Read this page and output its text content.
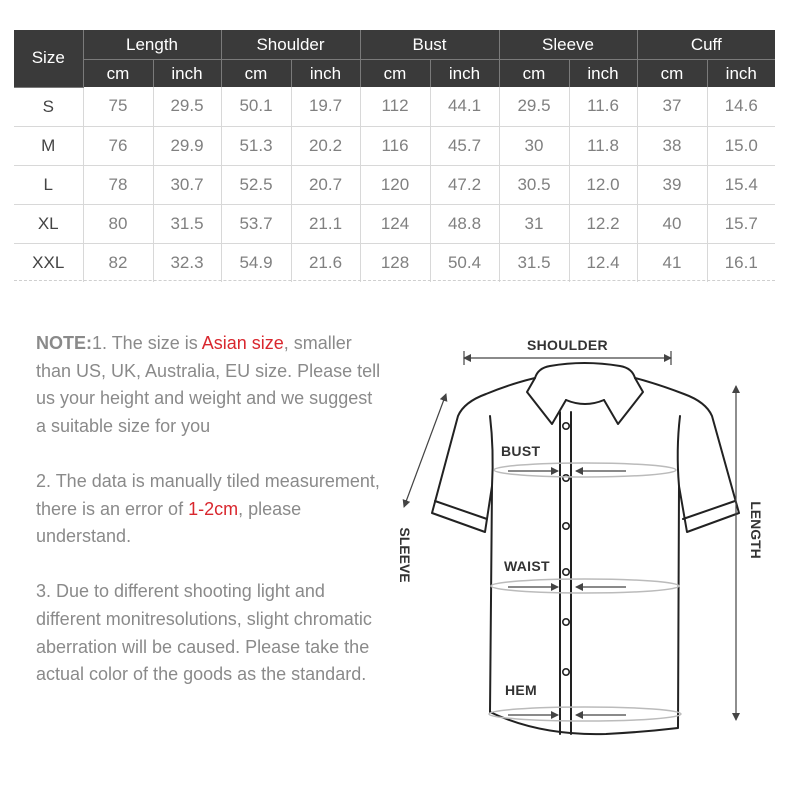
Size	Length		Shoulder		Bust		Sleeve		Cuff	
	cm	inch	cm	inch	cm	inch	cm	inch	cm	inch
S	75	29.5	50.1	19.7	112	44.1	29.5	11.6	37	14.6
M	76	29.9	51.3	20.2	116	45.7	30	11.8	38	15.0
L	78	30.7	52.5	20.7	120	47.2	30.5	12.0	39	15.4
XL	80	31.5	53.7	21.1	124	48.8	31	12.2	40	15.7
XXL	82	32.3	54.9	21.6	128	50.4	31.5	12.4	41	16.1

NOTE:1. The size is Asian size, smaller than US, UK, Australia, EU size. Please tell us your height and weight and we suggest a suitable size for you

2. The data is manually tiled measurement, there is an error of 1-2cm, please understand.

3. Due to different shooting light and different monitresolutions, slight chromatic aberration will be caused. Please take the actual color of the goods as the standard.

SHOULDER
BUST
WAIST
HEM
SLEEVE	LENGTH
